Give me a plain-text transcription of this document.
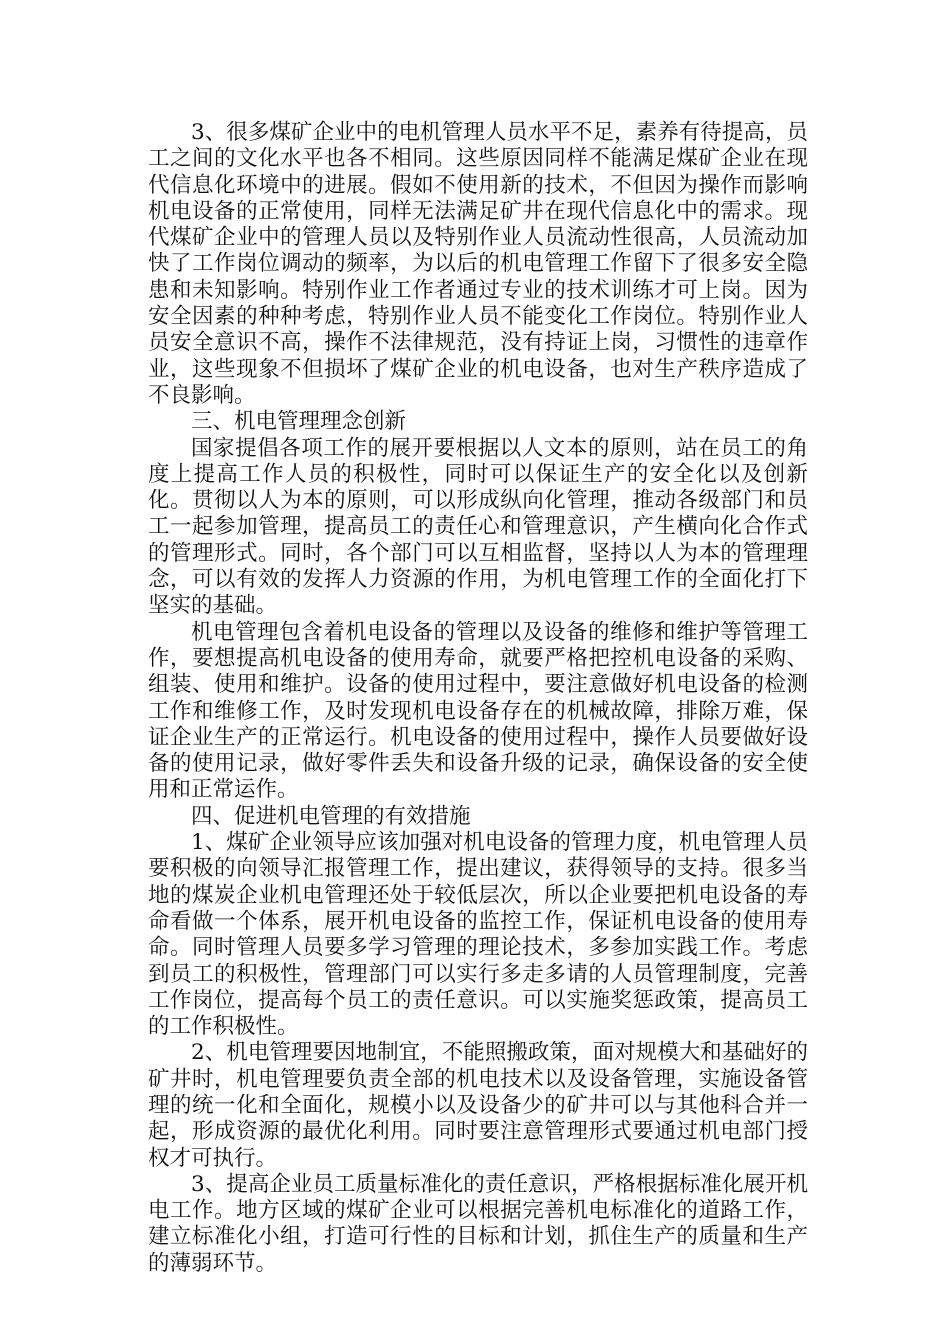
3、很多煤矿企业中的电机管理人员水平不足，素养有待提高，员工之间的文化水平也各不相同。这些原因同样不能满足煤矿企业在现代信息化环境中的进展。假如不使用新的技术，不但因为操作而影响机电设备的正常使用，同样无法满足矿井在现代信息化中的需求。现代煤矿企业中的管理人员以及特别作业人员流动性很高，人员流动加快了工作岗位调动的频率，为以后的机电管理工作留下了很多安全隐患和未知影响。特别作业工作者通过专业的技术训练才可上岗。因为安全因素的种种考虑，特别作业人员不能变化工作岗位。特别作业人员安全意识不高，操作不法律规范，没有持证上岗，习惯性的违章作业，这些现象不但损坏了煤矿企业的机电设备，也对生产秩序造成了不良影响。

三、机电管理理念创新

国家提倡各项工作的展开要根据以人文本的原则，站在员工的角度上提高工作人员的积极性，同时可以保证生产的安全化以及创新化。贯彻以人为本的原则，可以形成纵向化管理，推动各级部门和员工一起参加管理，提高员工的责任心和管理意识，产生横向化合作式的管理形式。同时，各个部门可以互相监督，坚持以人为本的管理理念，可以有效的发挥人力资源的作用，为机电管理工作的全面化打下坚实的基础。

机电管理包含着机电设备的管理以及设备的维修和维护等管理工作，要想提高机电设备的使用寿命，就要严格把控机电设备的采购、组装、使用和维护。设备的使用过程中，要注意做好机电设备的检测工作和维修工作，及时发现机电设备存在的机械故障，排除万难，保证企业生产的正常运行。机电设备的使用过程中，操作人员要做好设备的使用记录，做好零件丢失和设备升级的记录，确保设备的安全使用和正常运作。

四、促进机电管理的有效措施

1、煤矿企业领导应该加强对机电设备的管理力度，机电管理人员要积极的向领导汇报管理工作，提出建议，获得领导的支持。很多当地的煤炭企业机电管理还处于较低层次，所以企业要把机电设备的寿命看做一个体系，展开机电设备的监控工作，保证机电设备的使用寿命。同时管理人员要多学习管理的理论技术，多参加实践工作。考虑到员工的积极性，管理部门可以实行多走多请的人员管理制度，完善工作岗位，提高每个员工的责任意识。可以实施奖惩政策，提高员工的工作积极性。

2、机电管理要因地制宜，不能照搬政策，面对规模大和基础好的矿井时，机电管理要负责全部的机电技术以及设备管理，实施设备管理的统一化和全面化，规模小以及设备少的矿井可以与其他科合并一起，形成资源的最优化利用。同时要注意管理形式要通过机电部门授权才可执行。

3、提高企业员工质量标准化的责任意识，严格根据标准化展开机电工作。地方区域的煤矿企业可以根据完善机电标准化的道路工作，建立标准化小组，打造可行性的目标和计划，抓住生产的质量和生产的薄弱环节。
